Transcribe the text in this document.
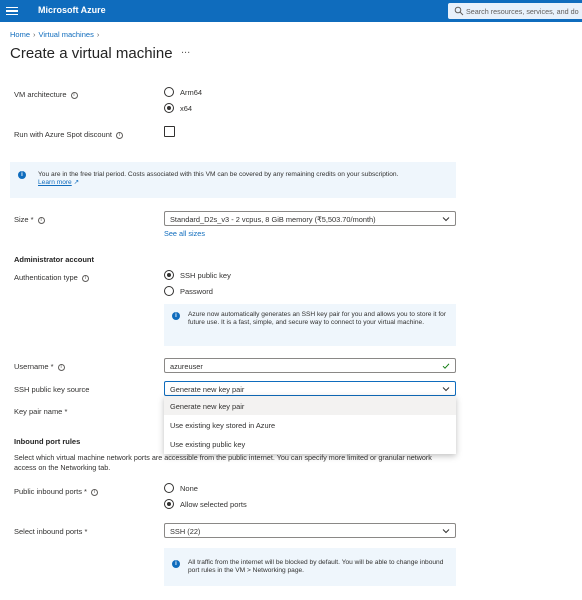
Microsoft Azure	Search resources, services, and do
Home › Virtual machines ›
Create a virtual machine ...
VM architecture i	Arm64
x64
Run with Azure Spot discount i
i	You are in the free trial period. Costs associated with this VM can be covered by any remaining credits on your subscription.
Learn more ↗
Size * i	Standard_D2s_v3 - 2 vcpus, 8 GiB memory (₹5,503.70/month)
See all sizes
Administrator account
Authentication type i	SSH public key
Password
i	Azure now automatically generates an SSH key pair for you and allows you to store it for future use. It is a fast, simple, and secure way to connect to your virtual machine.
Username * i	azureuser
SSH public key source	Generate new key pair
Key pair name *
Generate new key pair
Use existing key stored in Azure
Use existing public key
Inbound port rules
Select which virtual machine network ports are accessible from the public internet. You can specify more limited or granular network access on the Networking tab.
Public inbound ports * i	None
Allow selected ports
Select inbound ports *	SSH (22)
i	All traffic from the internet will be blocked by default. You will be able to change inbound port rules in the VM > Networking page.
